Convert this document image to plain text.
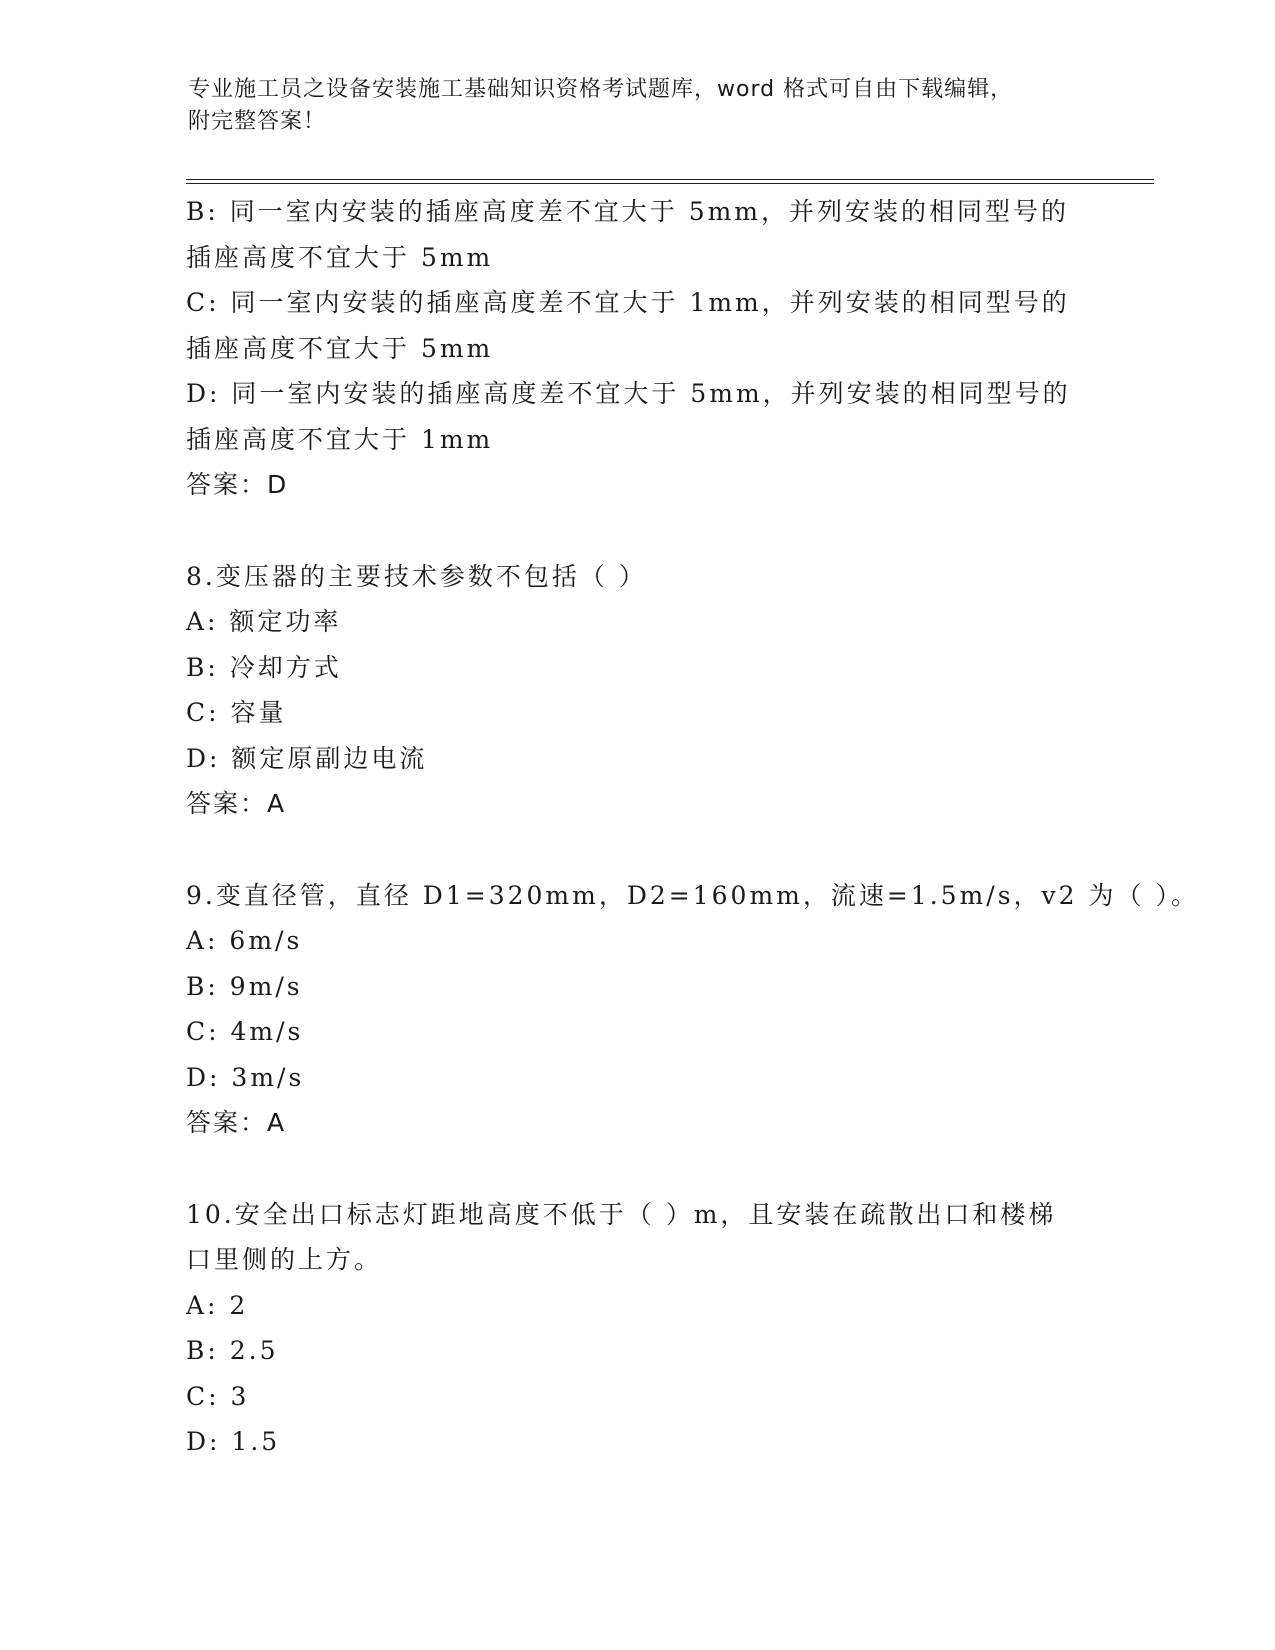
专业施工员之设备安装施工基础知识资格考试题库，word 格式可自由下载编辑，
附完整答案！
B: 同一室内安装的插座高度差不宜大于 5mm，并列安装的相同型号的
插座高度不宜大于 5mm
C: 同一室内安装的插座高度差不宜大于 1mm，并列安装的相同型号的
插座高度不宜大于 5mm
D: 同一室内安装的插座高度差不宜大于 5mm，并列安装的相同型号的
插座高度不宜大于 1mm
答案：D
8.变压器的主要技术参数不包括（ ）
A: 额定功率
B: 冷却方式
C: 容量
D: 额定原副边电流
答案：A
9.变直径管，直径 D1=320mm，D2=160mm，流速=1.5m/s，v2 为（ ）。
A: 6m/s
B: 9m/s
C: 4m/s
D: 3m/s
答案：A
10.安全出口标志灯距地高度不低于（ ）m，且安装在疏散出口和楼梯
口里侧的上方。
A: 2
B: 2.5
C: 3
D: 1.5
